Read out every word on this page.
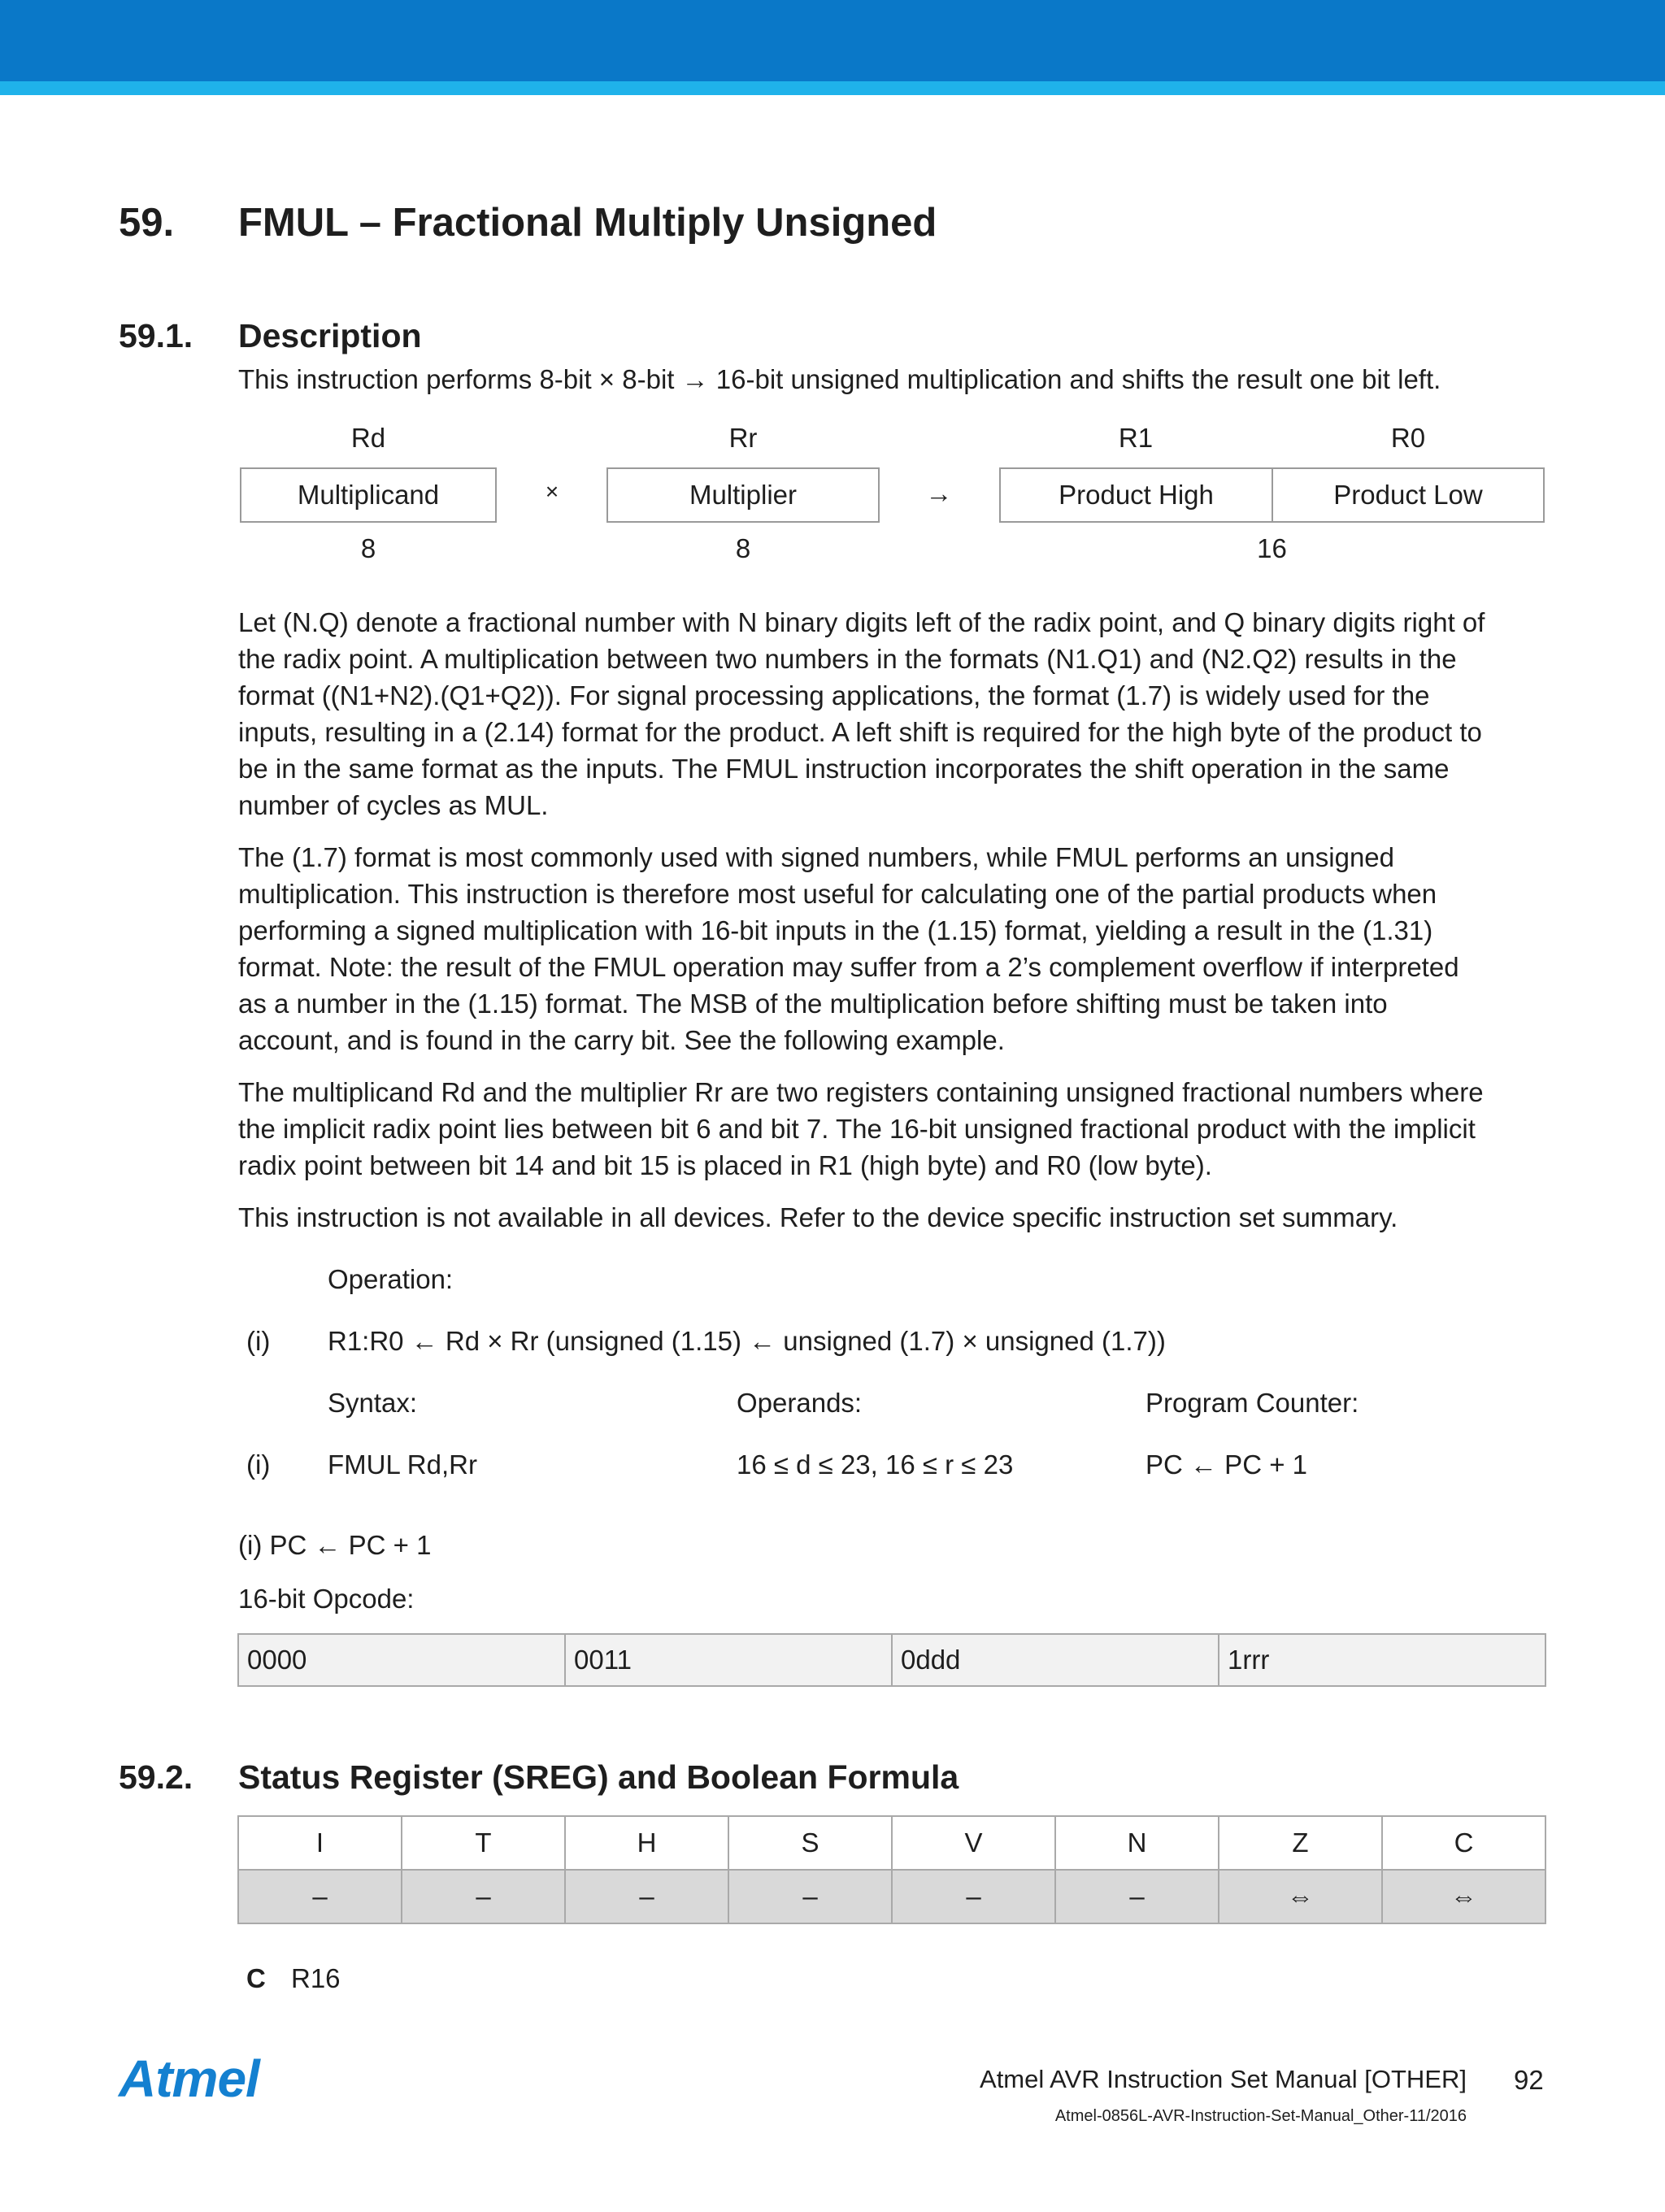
59. FMUL – Fractional Multiply Unsigned
59.1. Description
This instruction performs 8-bit × 8-bit → 16-bit unsigned multiplication and shifts the result one bit left.
Rd	Rr	R1	R0
Multiplicand	×	Multiplier	→	Product High	Product Low
8	8	16
Let (N.Q) denote a fractional number with N binary digits left of the radix point, and Q binary digits right of
the radix point. A multiplication between two numbers in the formats (N1.Q1) and (N2.Q2) results in the
format ((N1+N2).(Q1+Q2)). For signal processing applications, the format (1.7) is widely used for the
inputs, resulting in a (2.14) format for the product. A left shift is required for the high byte of the product to
be in the same format as the inputs. The FMUL instruction incorporates the shift operation in the same
number of cycles as MUL.
The (1.7) format is most commonly used with signed numbers, while FMUL performs an unsigned
multiplication. This instruction is therefore most useful for calculating one of the partial products when
performing a signed multiplication with 16-bit inputs in the (1.15) format, yielding a result in the (1.31)
format. Note: the result of the FMUL operation may suffer from a 2’s complement overflow if interpreted
as a number in the (1.15) format. The MSB of the multiplication before shifting must be taken into
account, and is found in the carry bit. See the following example.
The multiplicand Rd and the multiplier Rr are two registers containing unsigned fractional numbers where
the implicit radix point lies between bit 6 and bit 7. The 16-bit unsigned fractional product with the implicit
radix point between bit 14 and bit 15 is placed in R1 (high byte) and R0 (low byte).
This instruction is not available in all devices. Refer to the device specific instruction set summary.
Operation:
(i) R1:R0 ← Rd × Rr (unsigned (1.15) ← unsigned (1.7) × unsigned (1.7))
Syntax:	Operands:	Program Counter:
(i) FMUL Rd,Rr	16 ≤ d ≤ 23, 16 ≤ r ≤ 23	PC ← PC + 1
(i) PC ← PC + 1
16-bit Opcode:
0000	0011	0ddd	1rrr
59.2. Status Register (SREG) and Boolean Formula
I	T	H	S	V	N	Z	C
–	–	–	–	–	–	⇔	⇔
C R16
Atmel	Atmel AVR Instruction Set Manual [OTHER] 92
Atmel-0856L-AVR-Instruction-Set-Manual_Other-11/2016
